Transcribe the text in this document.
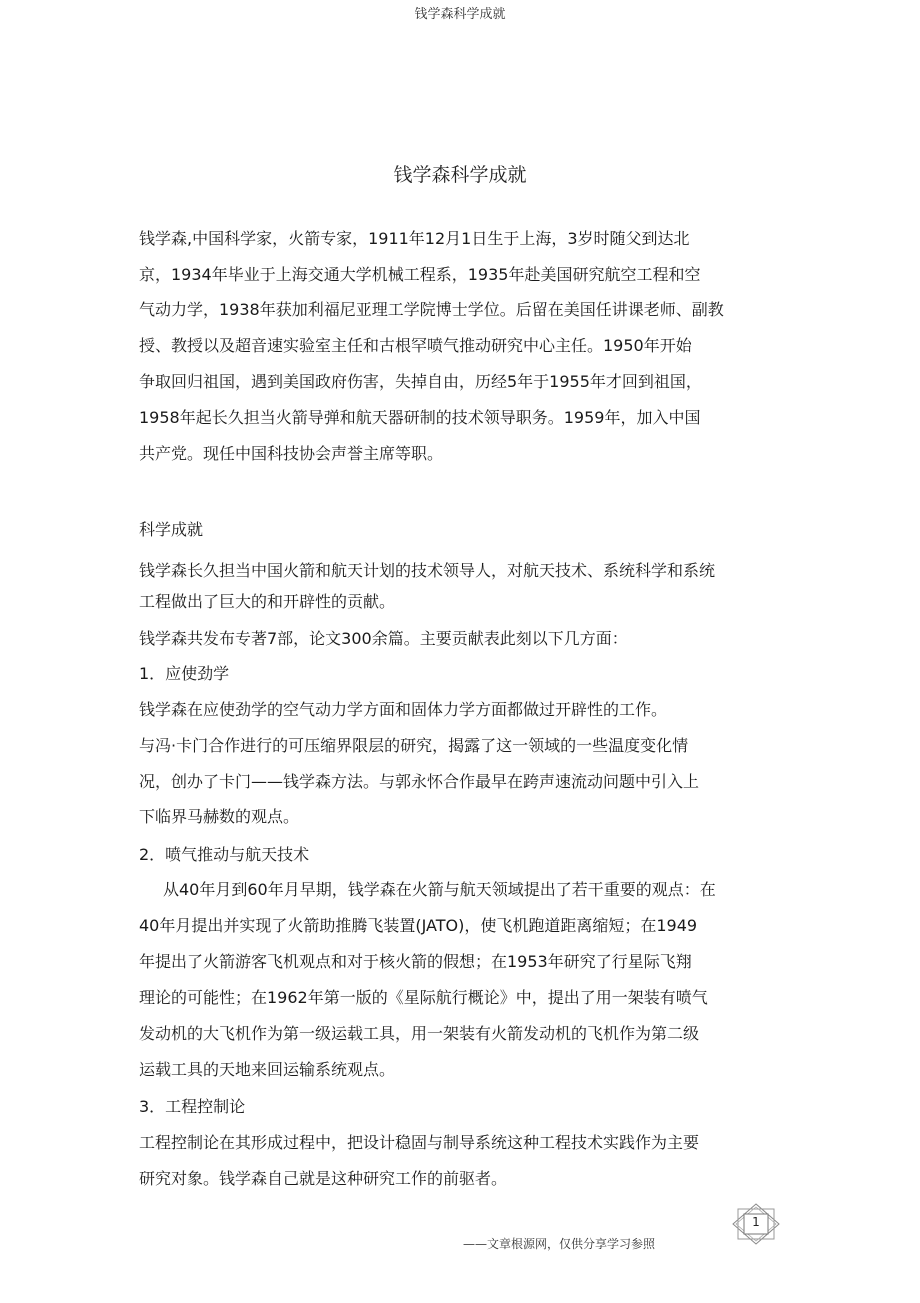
钱学森科学成就
钱学森科学成就
钱学森,中国科学家，火箭专家，1911年12月1日生于上海，3岁时随父到达北
京，1934年毕业于上海交通大学机械工程系，1935年赴美国研究航空工程和空
气动力学，1938年获加利福尼亚理工学院博士学位。后留在美国任讲课老师、副教
授、教授以及超音速实验室主任和古根罕喷气推动研究中心主任。1950年开始
争取回归祖国，遇到美国政府伤害，失掉自由，历经5年于1955年才回到祖国，
1958年起长久担当火箭导弹和航天器研制的技术领导职务。1959年，加入中国
共产党。现任中国科技协会声誉主席等职。
科学成就
钱学森长久担当中国火箭和航天计划的技术领导人，对航天技术、系统科学和系统
工程做出了巨大的和开辟性的贡献。
钱学森共发布专著7部，论文300余篇。主要贡献表此刻以下几方面：
1．应使劲学
钱学森在应使劲学的空气动力学方面和固体力学方面都做过开辟性的工作。
与冯·卡门合作进行的可压缩界限层的研究，揭露了这一领域的一些温度变化情
况，创办了卡门——钱学森方法。与郭永怀合作最早在跨声速流动问题中引入上
下临界马赫数的观点。
2．喷气推动与航天技术
从40年月到60年月早期，钱学森在火箭与航天领域提出了若干重要的观点：在
40年月提出并实现了火箭助推腾飞装置(JATO)，使飞机跑道距离缩短；在1949
年提出了火箭游客飞机观点和对于核火箭的假想；在1953年研究了行星际飞翔
理论的可能性；在1962年第一版的《星际航行概论》中，提出了用一架装有喷气
发动机的大飞机作为第一级运载工具，用一架装有火箭发动机的飞机作为第二级
运载工具的天地来回运输系统观点。
3．工程控制论
工程控制论在其形成过程中，把设计稳固与制导系统这种工程技术实践作为主要
研究对象。钱学森自己就是这种研究工作的前驱者。
1
——文章根源网，仅供分享学习参照
